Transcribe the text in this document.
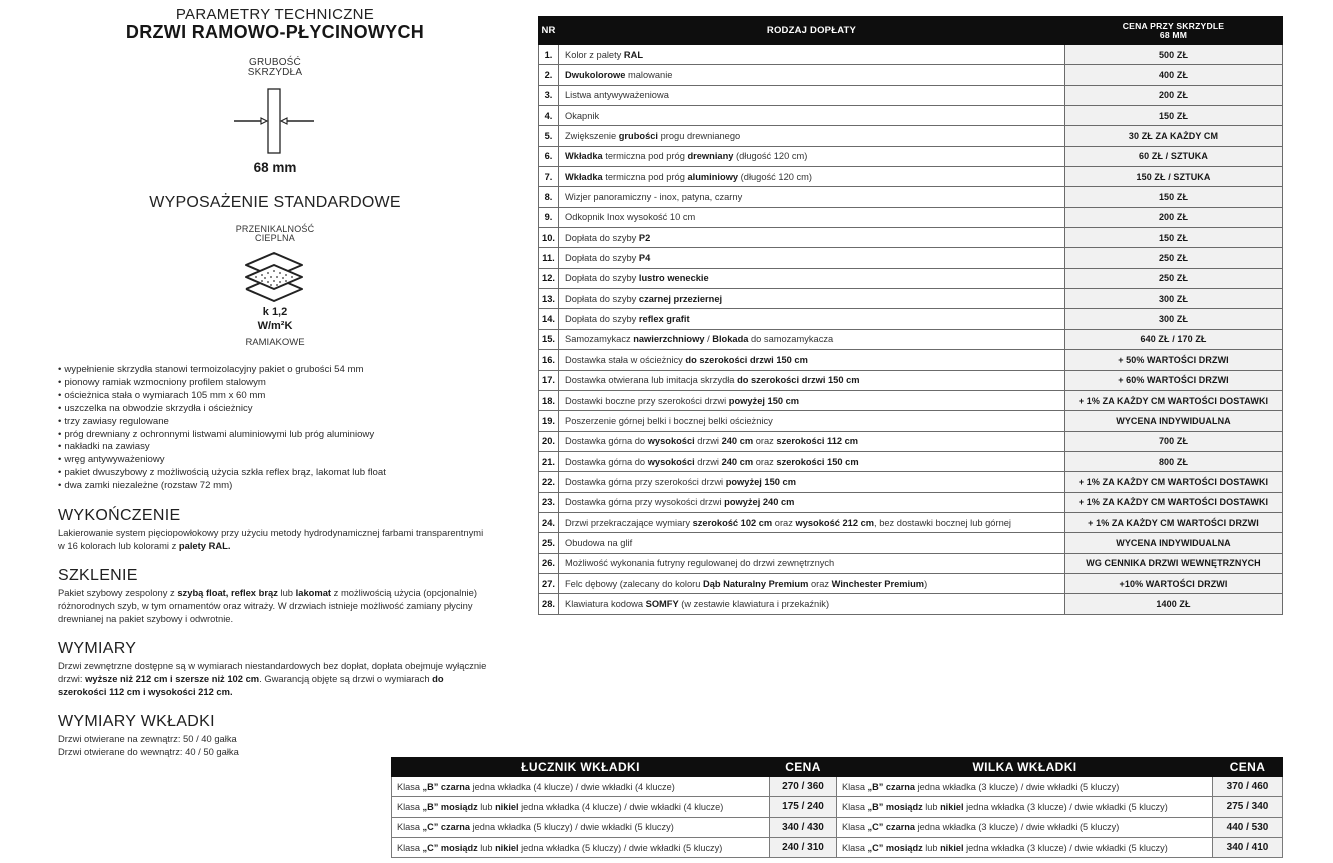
PARAMETRY TECHNICZNE
DRZWI RAMOWO-PŁYCINOWYCH
GRUBOŚĆ
SKRZYDŁA
68 mm
WYPOSAŻENIE STANDARDOWE
PRZENIKALNOŚĆ
CIEPLNA
k 1,2
W/m²K
RAMIAKOWE
• wypełnienie skrzydła stanowi termoizolacyjny pakiet o grubości 54 mm
• pionowy ramiak wzmocniony profilem stalowym
• ościeżnica stała o wymiarach 105 mm x 60 mm
• uszczelka na obwodzie skrzydła i ościeżnicy
• trzy zawiasy regulowane
• próg drewniany z ochronnymi listwami aluminiowymi lub próg aluminiowy
• nakładki na zawiasy
• wręg antywyważeniowy
• pakiet dwuszybowy z możliwością użycia szkła reflex brąz, lakomat lub float
• dwa zamki niezależne (rozstaw 72 mm)
WYKOŃCZENIE

Lakierowanie system pięciopowłokowy przy użyciu metody hydrodynamicznej farbami transparentnymi w 16 kolorach lub kolorami z palety RAL.

SZKLENIE

Pakiet szybowy zespolony z szybą float, reflex brąz lub lakomat z możliwością użycia (opcjonalnie) różnorodnych szyb, w tym ornamentów oraz witraży. W drzwiach istnieje możliwość zamiany płyciny drewnianej na pakiet szybowy i odwrotnie.

WYMIARY

Drzwi zewnętrzne dostępne są w wymiarach niestandardowych bez dopłat, dopłata obejmuje wyłącznie drzwi: wyższe niż 212 cm i szersze niż 102 cm. Gwarancją objęte są drzwi o wymiarach do szerokości 112 cm i wysokości 212 cm.

WYMIARY WKŁADKI

Drzwi otwierane na zewnątrz: 50 / 40 gałka
Drzwi otwierane do wewnątrz: 40 / 50 gałka

NR	RODZAJ DOPŁATY	CENA PRZY SKRZYDLE
68 MM

1.	Kolor z palety RAL	500 ZŁ
2.	Dwukolorowe malowanie	400 ZŁ
3.	Listwa antywyważeniowa	200 ZŁ
4.	Okapnik	150 ZŁ
5.	Zwiększenie grubości progu drewnianego	30 ZŁ ZA KAŻDY CM
6.	Wkładka termiczna pod próg drewniany (długość 120 cm)	60 ZŁ / SZTUKA
7.	Wkładka termiczna pod próg aluminiowy (długość 120 cm)	150 ZŁ / SZTUKA
8.	Wizjer panoramiczny - inox, patyna, czarny	150 ZŁ
9.	Odkopnik Inox wysokość 10 cm	200 ZŁ
10.	Dopłata do szyby P2	150 ZŁ
11.	Dopłata do szyby P4	250 ZŁ
12.	Dopłata do szyby lustro weneckie	250 ZŁ
13.	Dopłata do szyby czarnej przeziernej	300 ZŁ
14.	Dopłata do szyby reflex grafit	300 ZŁ
15.	Samozamykacz nawierzchniowy / Blokada do samozamykacza	640 ZŁ / 170 ZŁ
16.	Dostawka stała w ościeżnicy do szerokości drzwi 150 cm	+ 50% WARTOŚCI DRZWI
17.	Dostawka otwierana lub imitacja skrzydła do szerokości drzwi 150 cm	+ 60% WARTOŚCI DRZWI
18.	Dostawki boczne przy szerokości drzwi powyżej 150 cm	+ 1% ZA KAŻDY CM WARTOŚCI DOSTAWKI
19.	Poszerzenie górnej belki i bocznej belki ościeżnicy	WYCENA INDYWIDUALNA
20.	Dostawka górna do wysokości drzwi 240 cm oraz szerokości 112 cm	700 ZŁ
21.	Dostawka górna do wysokości drzwi 240 cm oraz szerokości 150 cm	800 ZŁ
22.	Dostawka górna przy szerokości drzwi powyżej 150 cm	+ 1% ZA KAŻDY CM WARTOŚCI DOSTAWKI
23.	Dostawka górna przy wysokości drzwi powyżej 240 cm	+ 1% ZA KAŻDY CM WARTOŚCI DOSTAWKI
24.	Drzwi przekraczające wymiary szerokość 102 cm oraz wysokość 212 cm, bez dostawki bocznej lub górnej	+ 1% ZA KAŻDY CM WARTOŚCI DRZWI
25.	Obudowa na glif	WYCENA INDYWIDUALNA
26.	Możliwość wykonania futryny regulowanej do drzwi zewnętrznych	WG CENNIKA DRZWI WEWNĘTRZNYCH
27.	Felc dębowy (zalecany do koloru Dąb Naturalny Premium oraz Winchester Premium)	+10% WARTOŚCI DRZWI
28.	Klawiatura kodowa SOMFY (w zestawie klawiatura i przekaźnik)	1400 ZŁ
ŁUCZNIK WKŁADKI	CENA
Klasa „B” czarna jedna wkładka (4 klucze) / dwie wkładki (4 klucze)	270 / 360
Klasa „B” mosiądz lub nikiel jedna wkładka (4 klucze) / dwie wkładki (4 klucze)	175 / 240
Klasa „C” czarna jedna wkładka (5 kluczy) / dwie wkładki (5 kluczy)	340 / 430
Klasa „C” mosiądz lub nikiel jedna wkładka (5 kluczy) / dwie wkładki (5 kluczy)	240 / 310
WILKA WKŁADKI	CENA
Klasa „B” czarna jedna wkładka (3 klucze) / dwie wkładki (5 kluczy)	370 / 460
Klasa „B” mosiądz lub nikiel jedna wkładka (3 klucze) / dwie wkładki (5 kluczy)	275 / 340
Klasa „C” czarna jedna wkładka (3 klucze) / dwie wkładki (5 kluczy)	440 / 530
Klasa „C” mosiądz lub nikiel jedna wkładka (3 klucze) / dwie wkładki (5 kluczy)	340 / 410
